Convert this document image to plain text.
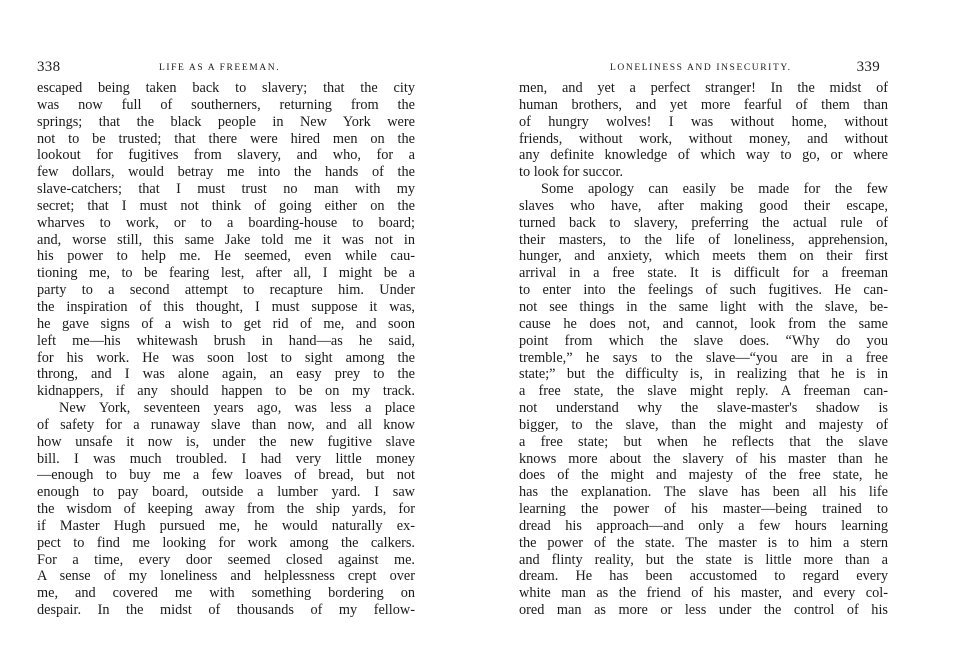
338	LIFE AS A FREEMAN.
escaped being taken back to slavery; that the city
was now full of southerners, returning from the
springs; that the black people in New York were
not to be trusted; that there were hired men on the
lookout for fugitives from slavery, and who, for a
few dollars, would betray me into the hands of the
slave-catchers; that I must trust no man with my
secret; that I must not think of going either on the
wharves to work, or to a boarding-house to board;
and, worse still, this same Jake told me it was not in
his power to help me. He seemed, even while cau-
tioning me, to be fearing lest, after all, I might be a
party to a second attempt to recapture him. Under
the inspiration of this thought, I must suppose it was,
he gave signs of a wish to get rid of me, and soon
left me—his whitewash brush in hand—as he said,
for his work. He was soon lost to sight among the
throng, and I was alone again, an easy prey to the
kidnappers, if any should happen to be on my track.
New York, seventeen years ago, was less a place
of safety for a runaway slave than now, and all know
how unsafe it now is, under the new fugitive slave
bill. I was much troubled. I had very little money
—enough to buy me a few loaves of bread, but not
enough to pay board, outside a lumber yard. I saw
the wisdom of keeping away from the ship yards, for
if Master Hugh pursued me, he would naturally ex-
pect to find me looking for work among the calkers.
For a time, every door seemed closed against me.
A sense of my loneliness and helplessness crept over
me, and covered me with something bordering on
despair. In the midst of thousands of my fellow-
LONELINESS AND INSECURITY.	339
men, and yet a perfect stranger! In the midst of
human brothers, and yet more fearful of them than
of hungry wolves! I was without home, without
friends, without work, without money, and without
any definite knowledge of which way to go, or where
to look for succor.
Some apology can easily be made for the few
slaves who have, after making good their escape,
turned back to slavery, preferring the actual rule of
their masters, to the life of loneliness, apprehension,
hunger, and anxiety, which meets them on their first
arrival in a free state. It is difficult for a freeman
to enter into the feelings of such fugitives. He can-
not see things in the same light with the slave, be-
cause he does not, and cannot, look from the same
point from which the slave does. “Why do you
tremble,” he says to the slave—“you are in a free
state;” but the difficulty is, in realizing that he is in
a free state, the slave might reply. A freeman can-
not understand why the slave-master's shadow is
bigger, to the slave, than the might and majesty of
a free state; but when he reflects that the slave
knows more about the slavery of his master than he
does of the might and majesty of the free state, he
has the explanation. The slave has been all his life
learning the power of his master—being trained to
dread his approach—and only a few hours learning
the power of the state. The master is to him a stern
and flinty reality, but the state is little more than a
dream. He has been accustomed to regard every
white man as the friend of his master, and every col-
ored man as more or less under the control of his
